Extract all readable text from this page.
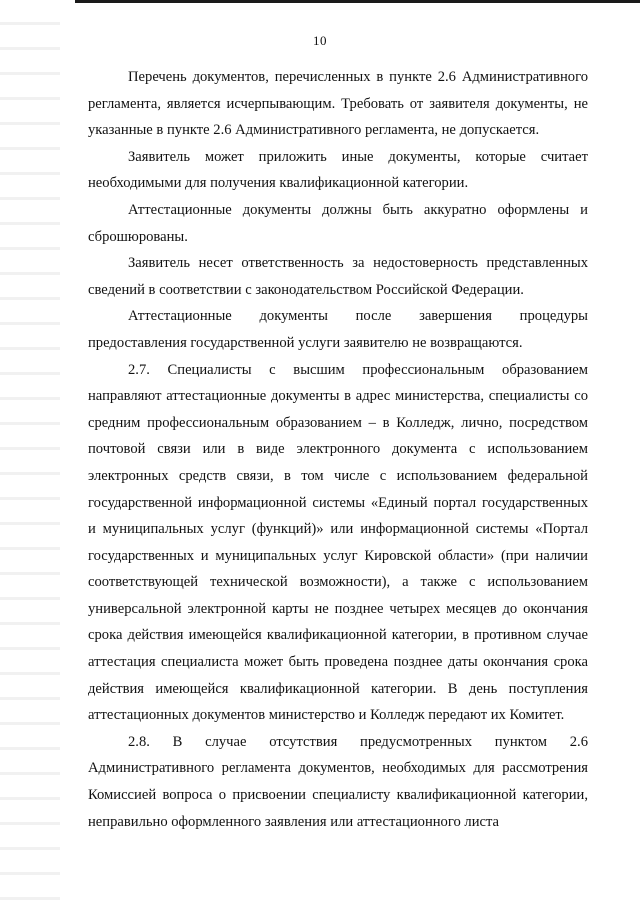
10

Перечень документов, перечисленных в пункте 2.6 Административного регламента, является исчерпывающим. Требовать от заявителя документы, не указанные в пункте 2.6 Административного регламента, не допускается.

Заявитель может приложить иные документы, которые считает необходимыми для получения квалификационной категории.

Аттестационные документы должны быть аккуратно оформлены и сброшюрованы.

Заявитель несет ответственность за недостоверность представленных сведений в соответствии с законодательством Российской Федерации.

Аттестационные документы после завершения процедуры предоставления государственной услуги заявителю не возвращаются.

2.7. Специалисты с высшим профессиональным образованием направляют аттестационные документы в адрес министерства, специалисты со средним профессиональным образованием – в Колледж, лично, посредством почтовой связи или в виде электронного документа с использованием электронных средств связи, в том числе с использованием федеральной государственной информационной системы «Единый портал государственных и муниципальных услуг (функций)» или информационной системы «Портал государственных и муниципальных услуг Кировской области» (при наличии соответствующей технической возможности), а также с использованием универсальной электронной карты не позднее четырех месяцев до окончания срока действия имеющейся квалификационной категории, в противном случае аттестация специалиста может быть проведена позднее даты окончания срока действия имеющейся квалификационной категории. В день поступления аттестационных документов министерство и Колледж передают их Комитет.

2.8. В случае отсутствия предусмотренных пунктом 2.6 Административного регламента документов, необходимых для рассмотрения Комиссией вопроса о присвоении специалисту квалификационной категории, неправильно оформленного заявления или аттестационного листа
